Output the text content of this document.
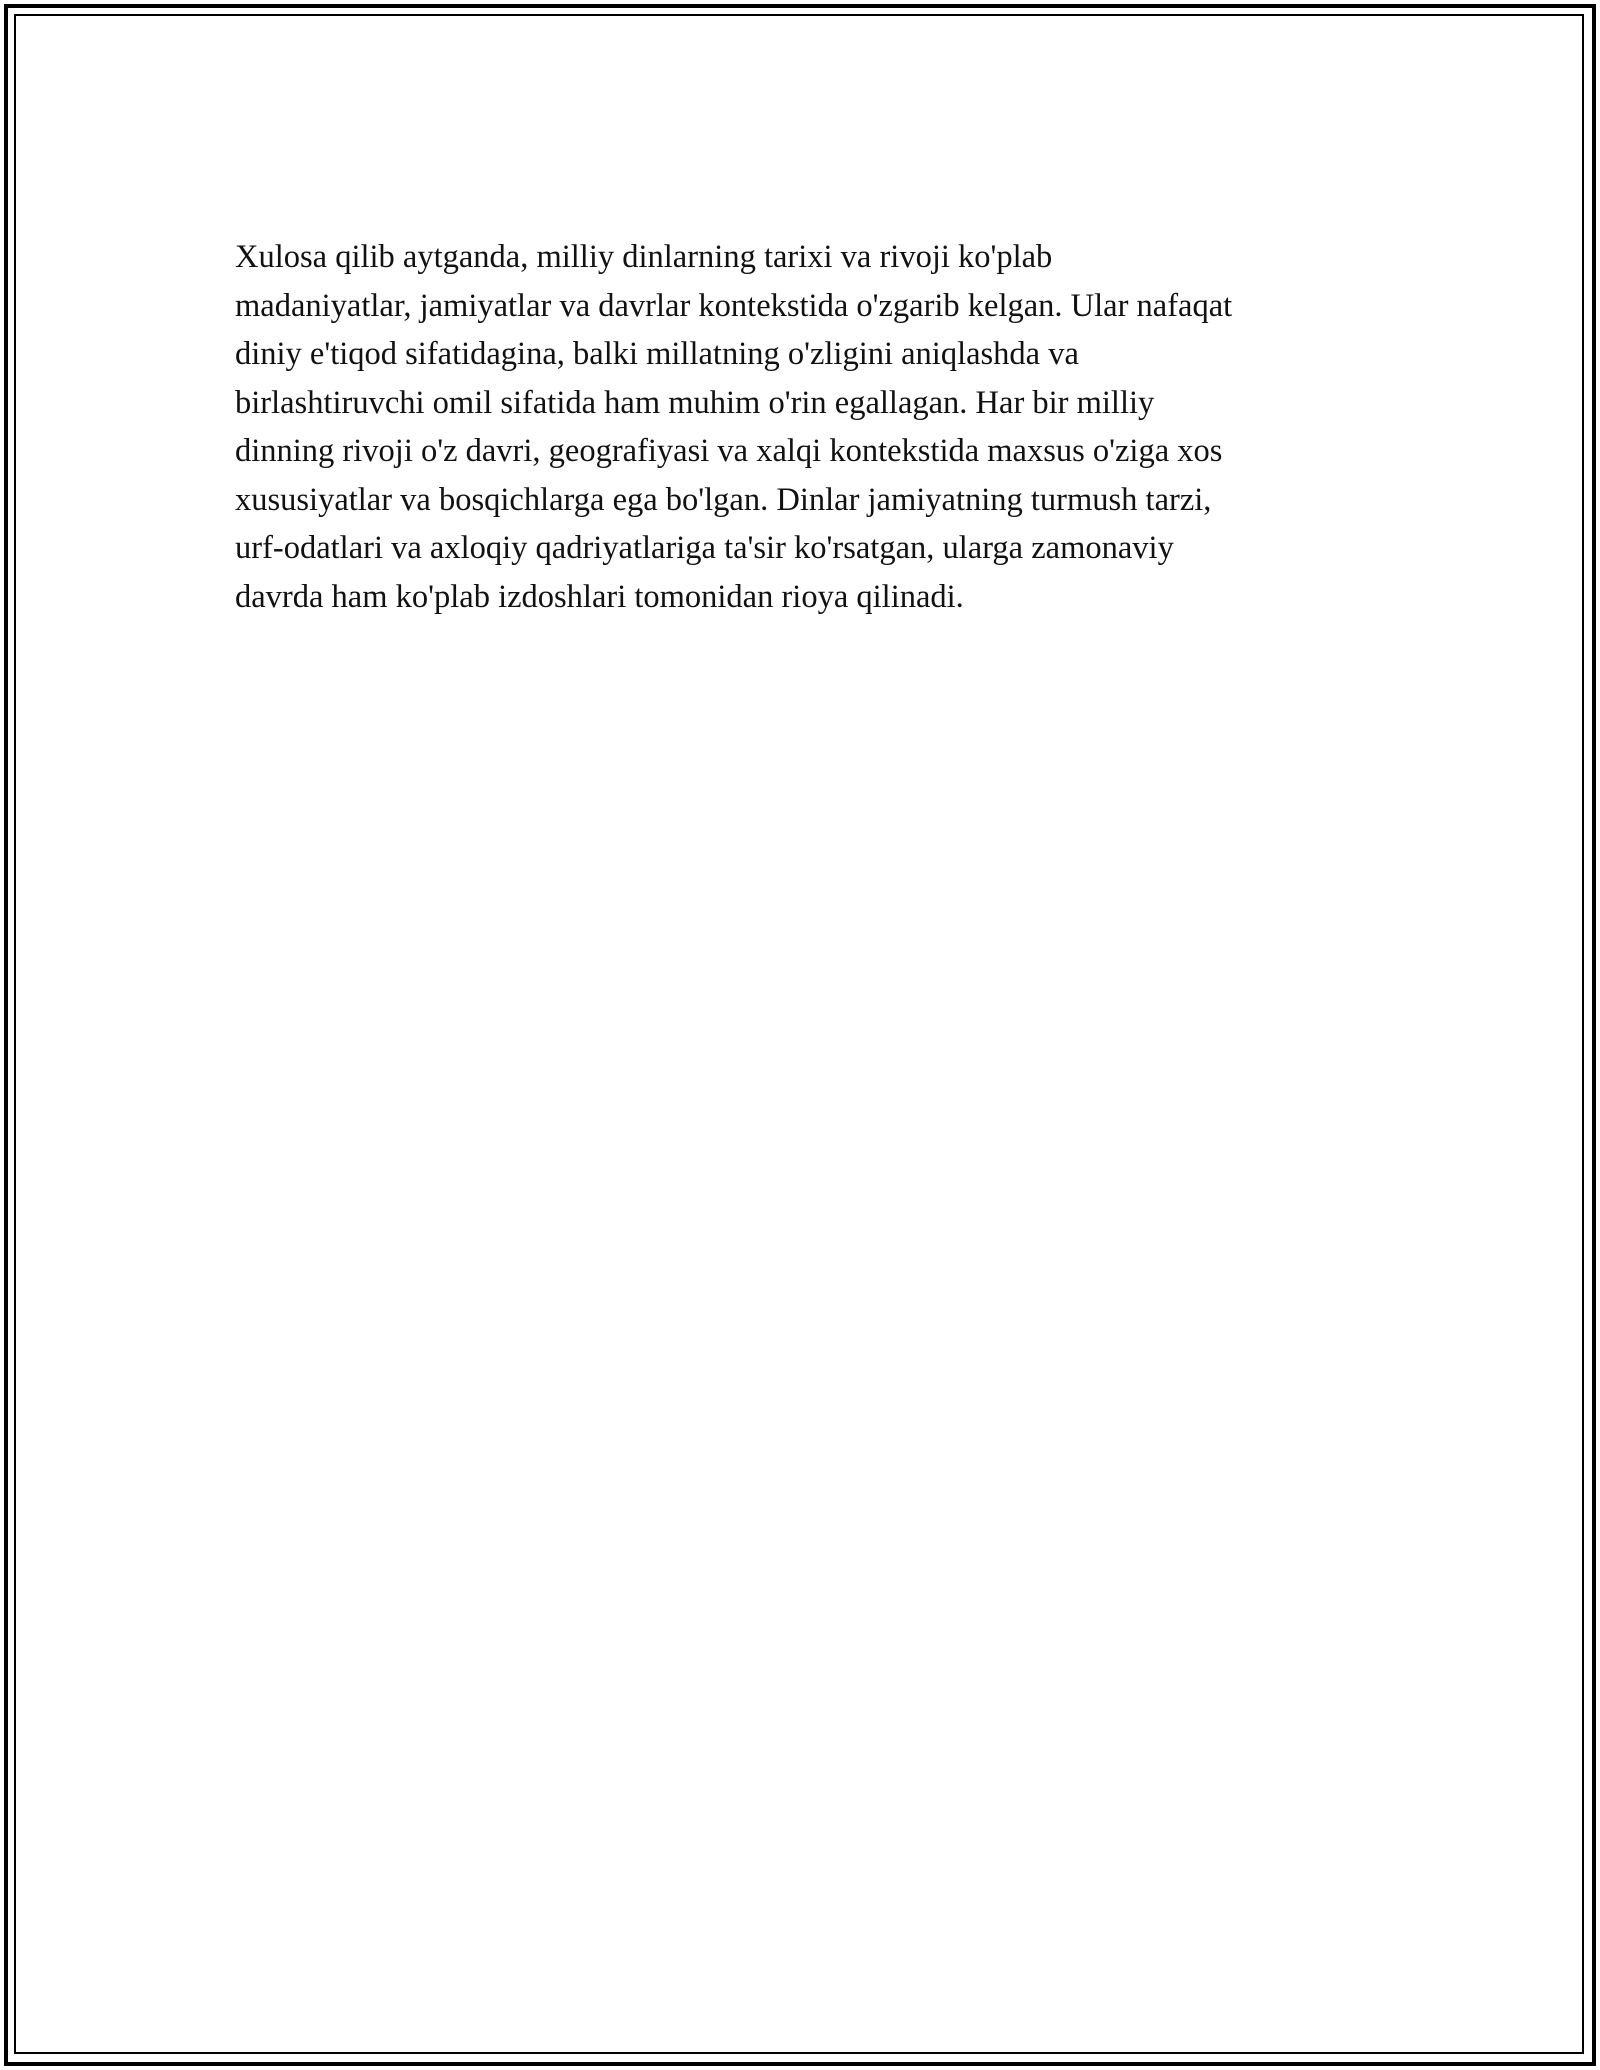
Xulosa qilib aytganda, milliy dinlarning tarixi va rivoji ko'plab
madaniyatlar, jamiyatlar va davrlar kontekstida o'zgarib kelgan. Ular nafaqat
diniy e'tiqod sifatidagina, balki millatning o'zligini aniqlashda va
birlashtiruvchi omil sifatida ham muhim o'rin egallagan. Har bir milliy
dinning rivoji o'z davri, geografiyasi va xalqi kontekstida maxsus o'ziga xos
xususiyatlar va bosqichlarga ega bo'lgan. Dinlar jamiyatning turmush tarzi,
urf-odatlari va axloqiy qadriyatlariga ta'sir ko'rsatgan, ularga zamonaviy
davrda ham ko'plab izdoshlari tomonidan rioya qilinadi.
